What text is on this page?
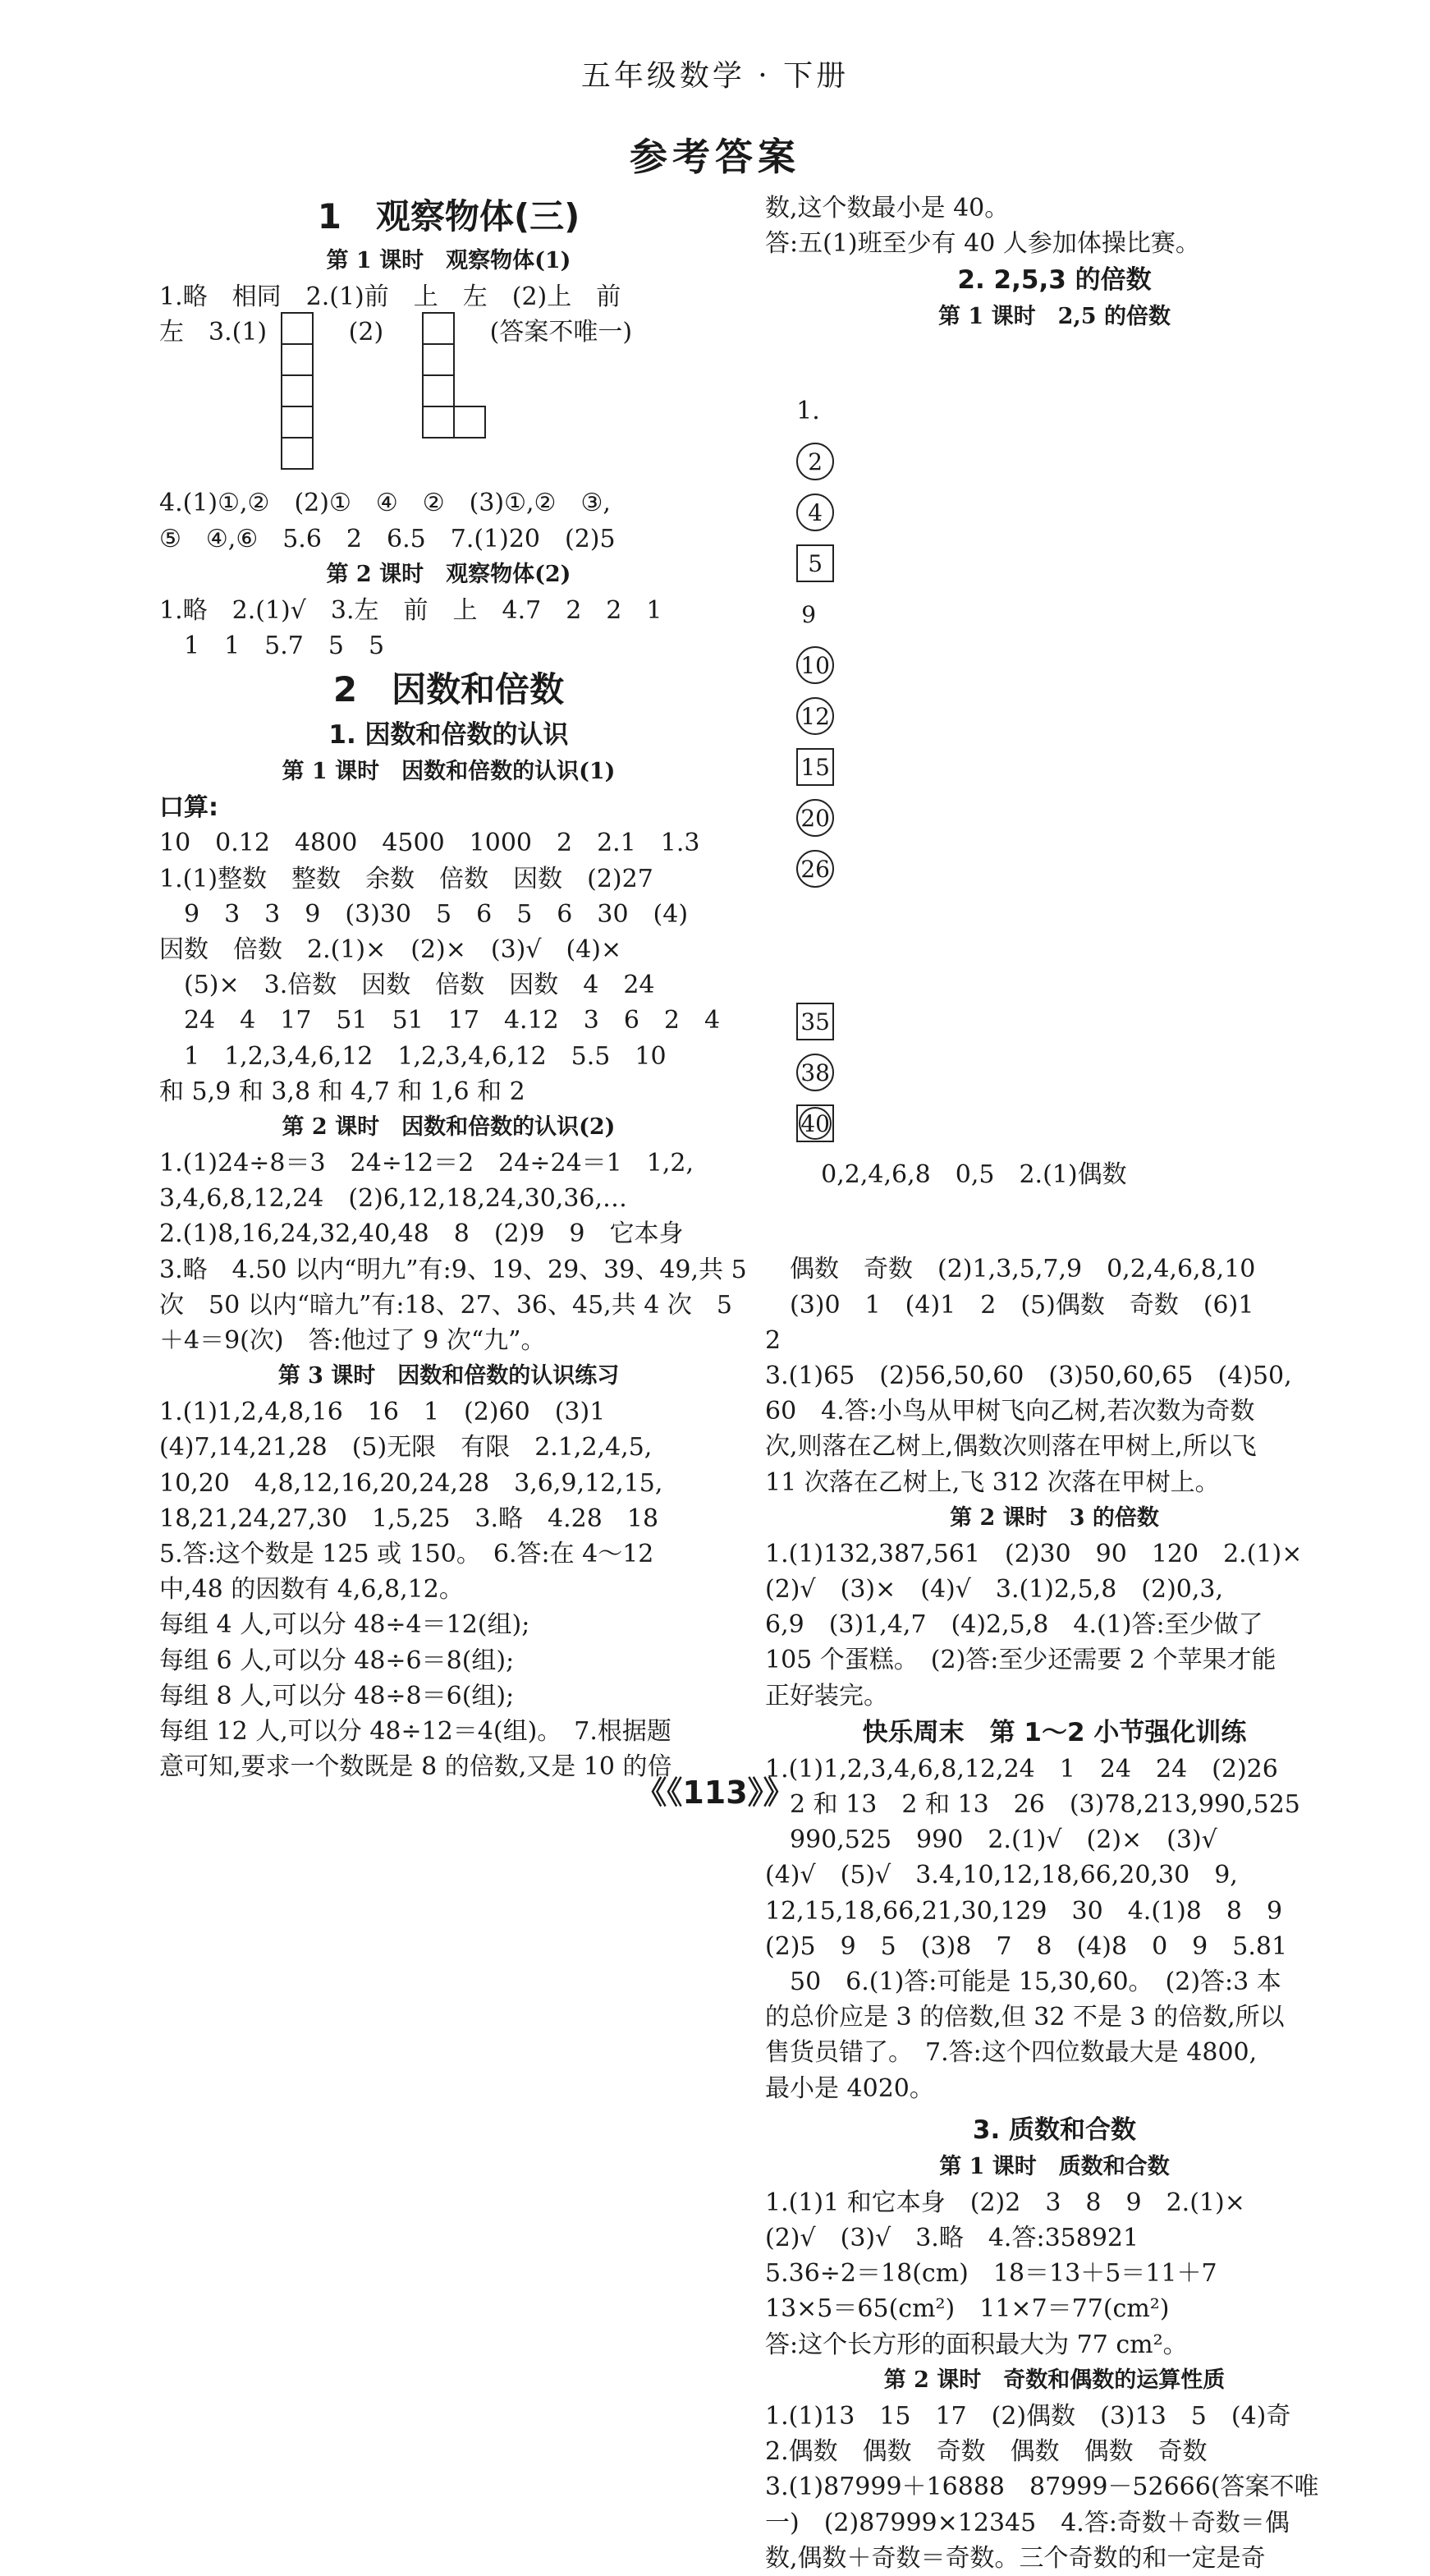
五年级数学 · 下册
参考答案
1　观察物体(三)
第 1 课时　观察物体(1)
1.略　相同　2.(1)前　上　左　(2)上　前
左　3.(1)　　　 (2)　　　　 (答案不唯一)
4.(1)①,②　(2)①　④　②　(3)①,②　③,
⑤　④,⑥　5.6　2　6.5　7.(1)20　(2)5
第 2 课时　观察物体(2)
1.略　2.(1)√　3.左　前　上　4.7　2　2　1
　1　1　5.7　5　5
2　因数和倍数
1. 因数和倍数的认识
第 1 课时　因数和倍数的认识(1)
口算:
10　0.12　4800　4500　1000　2　2.1　1.3
1.(1)整数　整数　余数　倍数　因数　(2)27
　9　3　3　9　(3)30　5　6　5　6　30　(4)
因数　倍数　2.(1)×　(2)×　(3)√　(4)×
　(5)×　3.倍数　因数　倍数　因数　4　24
　24　4　17　51　51　17　4.12　3　6　2　4
　1　1,2,3,4,6,12　1,2,3,4,6,12　5.5　10
和 5,9 和 3,8 和 4,7 和 1,6 和 2
第 2 课时　因数和倍数的认识(2)
1.(1)24÷8＝3　24÷12＝2　24÷24＝1　1,2,
3,4,6,8,12,24　(2)6,12,18,24,30,36,…
2.(1)8,16,24,32,40,48　8　(2)9　9　它本身
3.略　4.50 以内“明九”有:9、19、29、39、49,共 5
次　50 以内“暗九”有:18、27、36、45,共 4 次　5
＋4＝9(次)　答:他过了 9 次“九”。
第 3 课时　因数和倍数的认识练习
1.(1)1,2,4,8,16　16　1　(2)60　(3)1
(4)7,14,21,28　(5)无限　有限　2.1,2,4,5,
10,20　4,8,12,16,20,24,28　3,6,9,12,15,
18,21,24,27,30　1,5,25　3.略　4.28　18
5.答:这个数是 125 或 150。　6.答:在 4～12
中,48 的因数有 4,6,8,12。
每组 4 人,可以分 48÷4＝12(组);
每组 6 人,可以分 48÷6＝8(组);
每组 8 人,可以分 48÷8＝6(组);
每组 12 人,可以分 48÷12＝4(组)。　7.根据题
意可知,要求一个数既是 8 的倍数,又是 10 的倍
数,这个数最小是 40。
答:五(1)班至少有 40 人参加体操比赛。
2. 2,5,3 的倍数
第 1 课时　2,5 的倍数

1.
2
4
5
9
10
12
15
20
26

35
38
40
　0,2,4,6,8　0,5　2.(1)偶数

　偶数　奇数　(2)1,3,5,7,9　0,2,4,6,8,10
　(3)0　1　(4)1　2　(5)偶数　奇数　(6)1
2
3.(1)65　(2)56,50,60　(3)50,60,65　(4)50,
60　4.答:小鸟从甲树飞向乙树,若次数为奇数
次,则落在乙树上,偶数次则落在甲树上,所以飞
11 次落在乙树上,飞 312 次落在甲树上。
第 2 课时　3 的倍数
1.(1)132,387,561　(2)30　90　120　2.(1)×
(2)√　(3)×　(4)√　3.(1)2,5,8　(2)0,3,
6,9　(3)1,4,7　(4)2,5,8　4.(1)答:至少做了
105 个蛋糕。　(2)答:至少还需要 2 个苹果才能
正好装完。
快乐周末　第 1～2 小节强化训练
1.(1)1,2,3,4,6,8,12,24　1　24　24　(2)26
　2 和 13　2 和 13　26　(3)78,213,990,525
　990,525　990　2.(1)√　(2)×　(3)√
(4)√　(5)√　3.4,10,12,18,66,20,30　9,
12,15,18,66,21,30,129　30　4.(1)8　8　9
(2)5　9　5　(3)8　7　8　(4)8　0　9　5.81
　50　6.(1)答:可能是 15,30,60。　(2)答:3 本
的总价应是 3 的倍数,但 32 不是 3 的倍数,所以
售货员错了。　7.答:这个四位数最大是 4800,
最小是 4020。
3. 质数和合数
第 1 课时　质数和合数
1.(1)1 和它本身　(2)2　3　8　9　2.(1)×
(2)√　(3)√　3.略　4.答:358921
5.36÷2＝18(cm)　18＝13＋5＝11＋7
13×5＝65(cm²)　11×7＝77(cm²)
答:这个长方形的面积最大为 77 cm²。
第 2 课时　奇数和偶数的运算性质
1.(1)13　15　17　(2)偶数　(3)13　5　(4)奇
2.偶数　偶数　奇数　偶数　偶数　奇数
3.(1)87999＋16888　87999－52666(答案不唯
一)　(2)87999×12345　4.答:奇数＋奇数＝偶
数,偶数＋奇数＝奇数。三个奇数的和一定是奇
《《113》》
